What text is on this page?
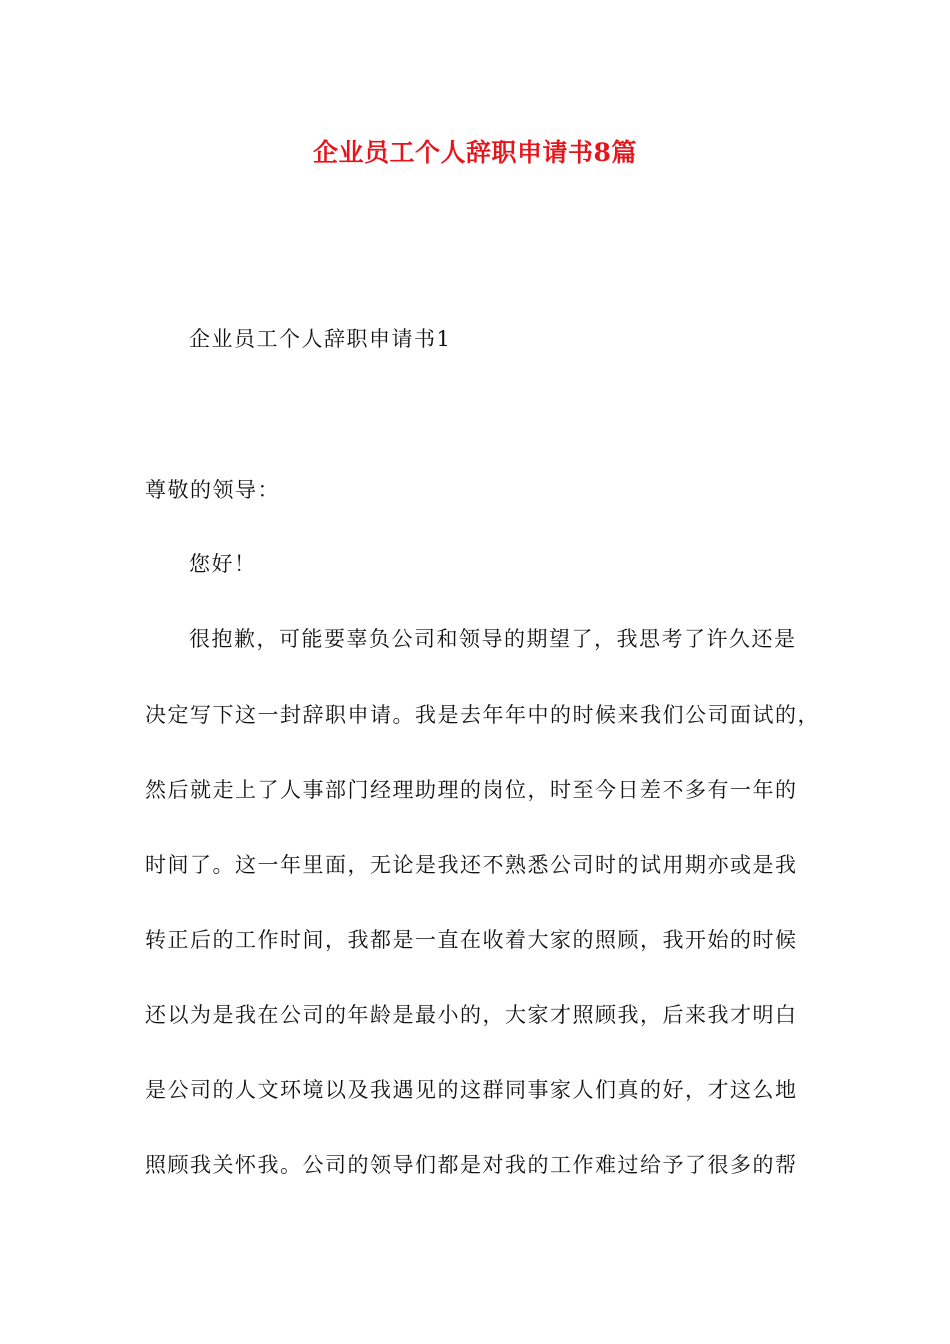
企业员工个人辞职申请书8篇
企业员工个人辞职申请书1
尊敬的领导：
您好！
很抱歉，可能要辜负公司和领导的期望了，我思考了许久还是
决定写下这一封辞职申请。我是去年年中的时候来我们公司面试的，
然后就走上了人事部门经理助理的岗位，时至今日差不多有一年的
时间了。这一年里面，无论是我还不熟悉公司时的试用期亦或是我
转正后的工作时间，我都是一直在收着大家的照顾，我开始的时候
还以为是我在公司的年龄是最小的，大家才照顾我，后来我才明白
是公司的人文环境以及我遇见的这群同事家人们真的好，才这么地
照顾我关怀我。公司的领导们都是对我的工作难过给予了很多的帮
